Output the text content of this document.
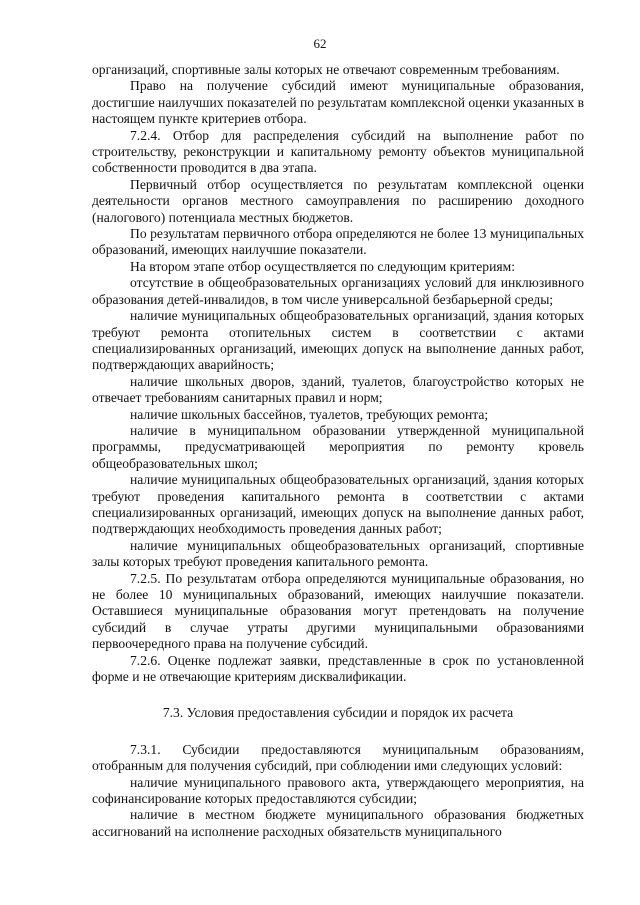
62

организаций, спортивные залы которых не отвечают современным требованиям.

Право на получение субсидий имеют муниципальные образования, достигшие наилучших показателей по результатам комплексной оценки указанных в настоящем пункте критериев отбора.

7.2.4. Отбор для распределения субсидий на выполнение работ по строительству, реконструкции и капитальному ремонту объектов муниципальной собственности проводится в два этапа.

Первичный отбор осуществляется по результатам комплексной оценки деятельности органов местного самоуправления по расширению доходного (налогового) потенциала местных бюджетов.

По результатам первичного отбора определяются не более 13 муниципальных образований, имеющих наилучшие показатели.

На втором этапе отбор осуществляется по следующим критериям:

отсутствие в общеобразовательных организациях условий для инклюзивного образования детей-инвалидов, в том числе универсальной безбарьерной среды;

наличие муниципальных общеобразовательных организаций, здания которых требуют ремонта отопительных систем в соответствии с актами специализированных организаций, имеющих допуск на выполнение данных работ, подтверждающих аварийность;

наличие школьных дворов, зданий, туалетов, благоустройство которых не отвечает требованиям санитарных правил и норм;

наличие школьных бассейнов, туалетов, требующих ремонта;

наличие в муниципальном образовании утвержденной муниципальной программы, предусматривающей мероприятия по ремонту кровель общеобразовательных школ;

наличие муниципальных общеобразовательных организаций, здания которых требуют проведения капитального ремонта в соответствии с актами специализированных организаций, имеющих допуск на выполнение данных работ, подтверждающих необходимость проведения данных работ;

наличие муниципальных общеобразовательных организаций, спортивные залы которых требуют проведения капитального ремонта.

7.2.5. По результатам отбора определяются муниципальные образования, но не более 10 муниципальных образований, имеющих наилучшие показатели. Оставшиеся муниципальные образования могут претендовать на получение субсидий в случае утраты другими муниципальными образованиями первоочередного права на получение субсидий.

7.2.6. Оценке подлежат заявки, представленные в срок по установленной форме и не отвечающие критериям дисквалификации.

7.3. Условия предоставления субсидии и порядок их расчета

7.3.1. Субсидии предоставляются муниципальным образованиям, отобранным для получения субсидий, при соблюдении ими следующих условий:

наличие муниципального правового акта, утверждающего мероприятия, на софинансирование которых предоставляются субсидии;

наличие в местном бюджете муниципального образования бюджетных ассигнований на исполнение расходных обязательств муниципального
